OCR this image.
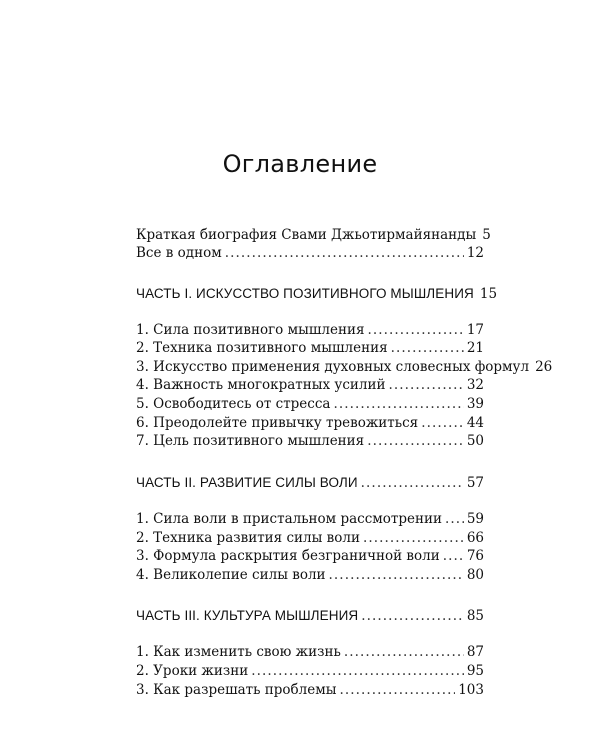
Оглавление
Краткая биография Свами Джьотирмайянанды 5
Все в одном . . .	12
ЧАСТЬ I. ИСКУССТВО ПОЗИТИВНОГО МЫШЛЕНИЯ 15
1. Сила позитивного мышления . . .	17
2. Техника позитивного мышления . . .	21
3. Искусство применения духовных словесных формул 26
4. Важность многократных усилий . . .	32
5. Освободитесь от стресса . . .	39
6. Преодолейте привычку тревожиться . . .	44
7. Цель позитивного мышления . . .	50
ЧАСТЬ II. РАЗВИТИЕ СИЛЫ ВОЛИ . . .	57
1. Сила воли в пристальном рассмотрении . . . 59
2. Техника развития силы воли . . .	66
3. Формула раскрытия безграничной воли . . . 76
4. Великолепие силы воли . . .	80
ЧАСТЬ III. КУЛЬТУРА МЫШЛЕНИЯ . . .	85
1. Как изменить свою жизнь . . .	87
2. Уроки жизни . . .	95
3. Как разрешать проблемы . . .	103
